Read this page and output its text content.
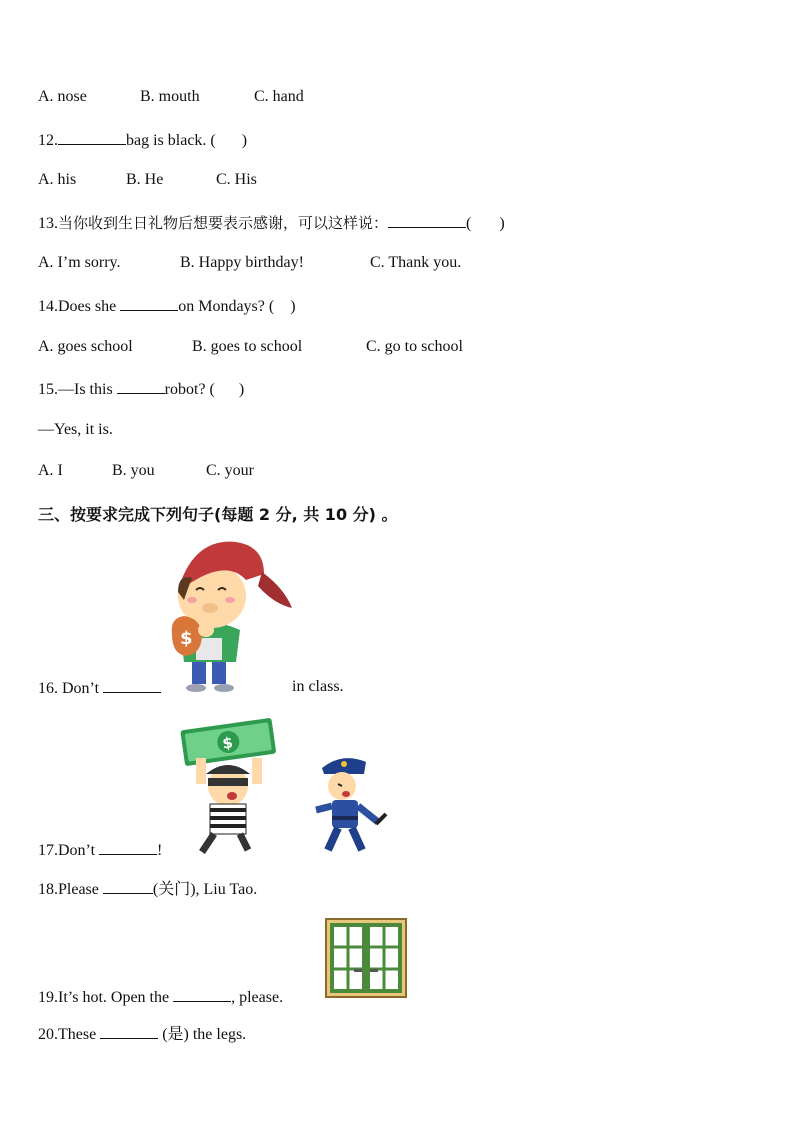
A. nose	B. mouth	C. hand
12.	bag is black. ( )
A. his	B. He	C. His
13.当你收到生日礼物后想要表示感谢，可以这样说：	( )
A. I’m sorry.	B. Happy birthday!	C. Thank you.
14.Does she	on Mondays? ( )
A. goes school	B. goes to school	C. go to school
15.—Is this	robot? ( )
—Yes, it is.
A. I	B. you	C. your
三、按要求完成下列句子(每题 2 分, 共 10 分) 。
$
16. Don’t	in class.
$
17.Don’t	!
18.Please	(关门), Liu Tao.
19.It’s hot. Open the	, please.
20.These	(是) the legs.
